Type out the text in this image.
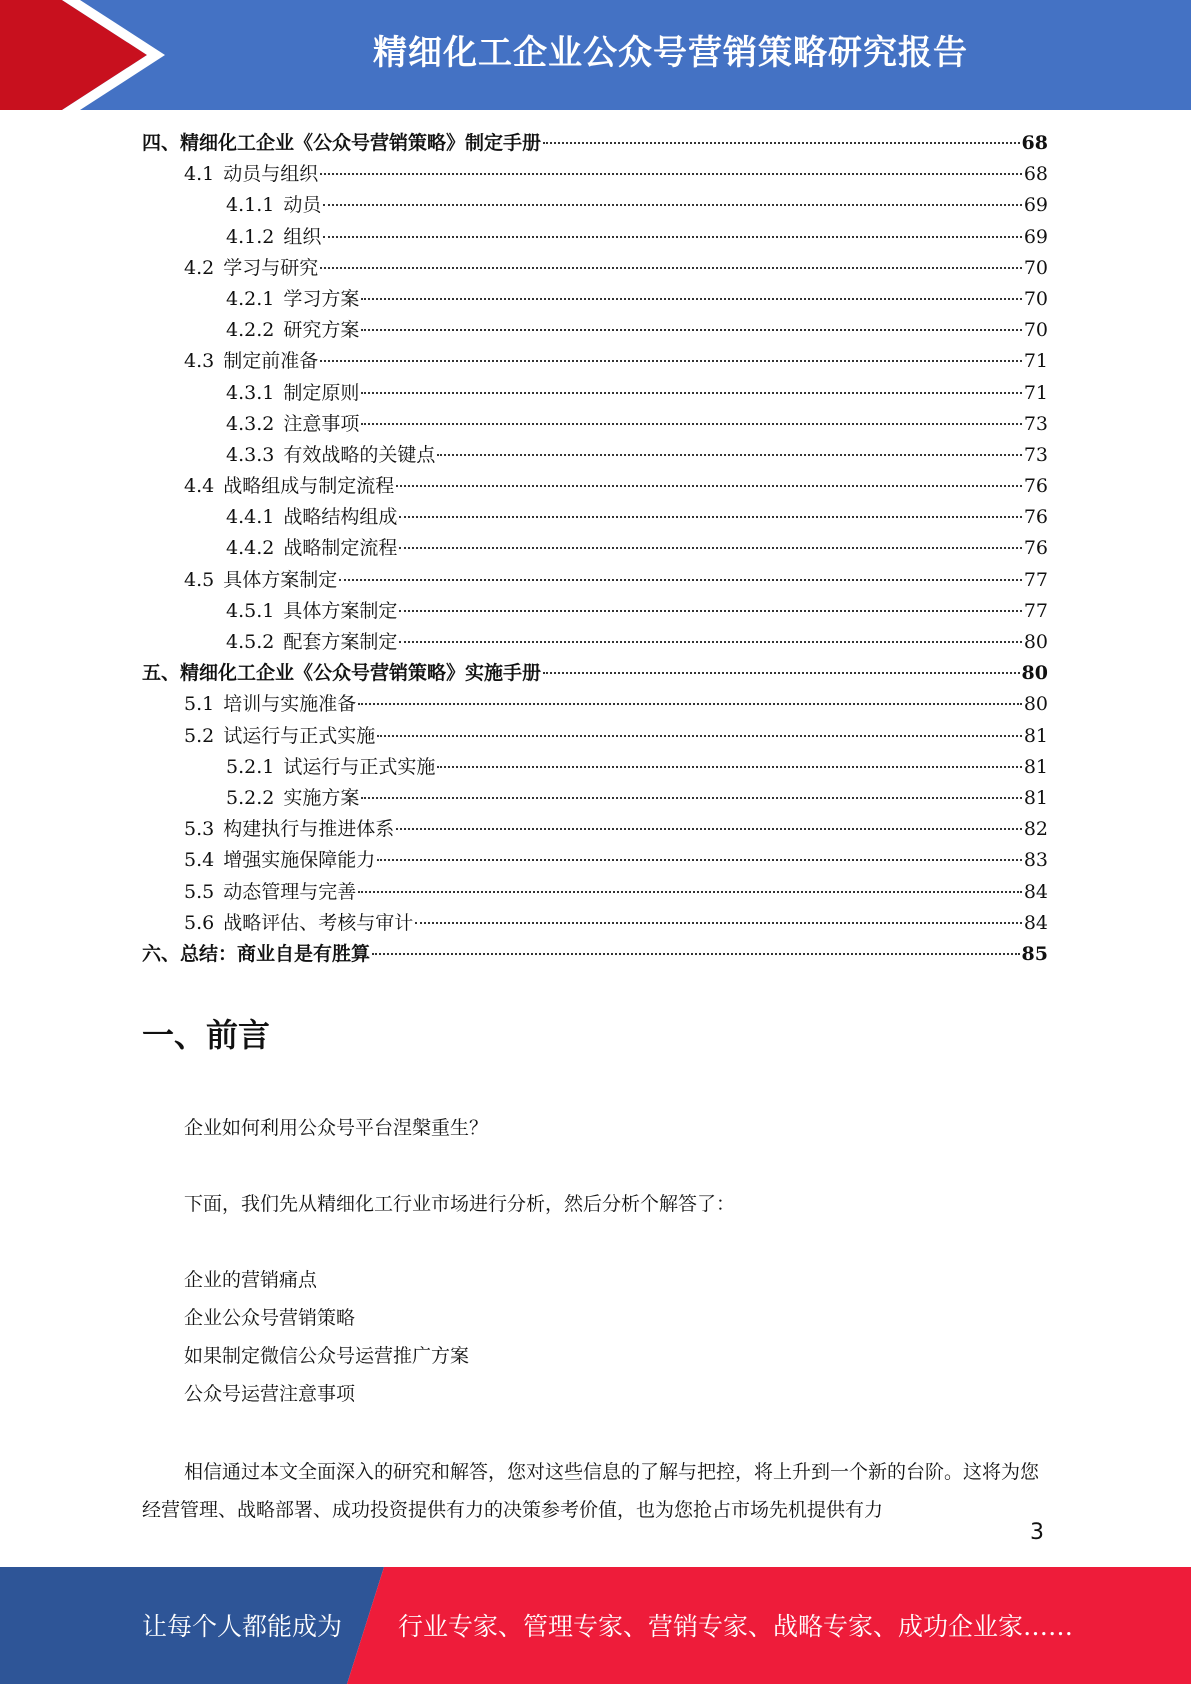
精细化工企业公众号营销策略研究报告
四、精细化工企业《公众号营销策略》制定手册	68
4.1 动员与组织	68
4.1.1 动员	69
4.1.2 组织	69
4.2 学习与研究	70
4.2.1 学习方案	70
4.2.2 研究方案	70
4.3 制定前准备	71
4.3.1 制定原则	71
4.3.2 注意事项	73
4.3.3 有效战略的关键点	73
4.4 战略组成与制定流程	76
4.4.1 战略结构组成	76
4.4.2 战略制定流程	76
4.5 具体方案制定	77
4.5.1 具体方案制定	77
4.5.2 配套方案制定	80
五、精细化工企业《公众号营销策略》实施手册	80
5.1 培训与实施准备	80
5.2 试运行与正式实施	81
5.2.1 试运行与正式实施	81
5.2.2 实施方案	81
5.3 构建执行与推进体系	82
5.4 增强实施保障能力	83
5.5 动态管理与完善	84
5.6 战略评估、考核与审计	84
六、总结：商业自是有胜算	85
一、前言

企业如何利用公众号平台涅槃重生？

下面，我们先从精细化工行业市场进行分析，然后分析个解答了：

企业的营销痛点

企业公众号营销策略

如果制定微信公众号运营推广方案

公众号运营注意事项

相信通过本文全面深入的研究和解答，您对这些信息的了解与把控，将上升到一个新的台阶。这将为您经营管理、战略部署、成功投资提供有力的决策参考价值，也为您抢占市场先机提供有力

3
让每个人都能成为 行业专家、管理专家、营销专家、战略专家、成功企业家……
